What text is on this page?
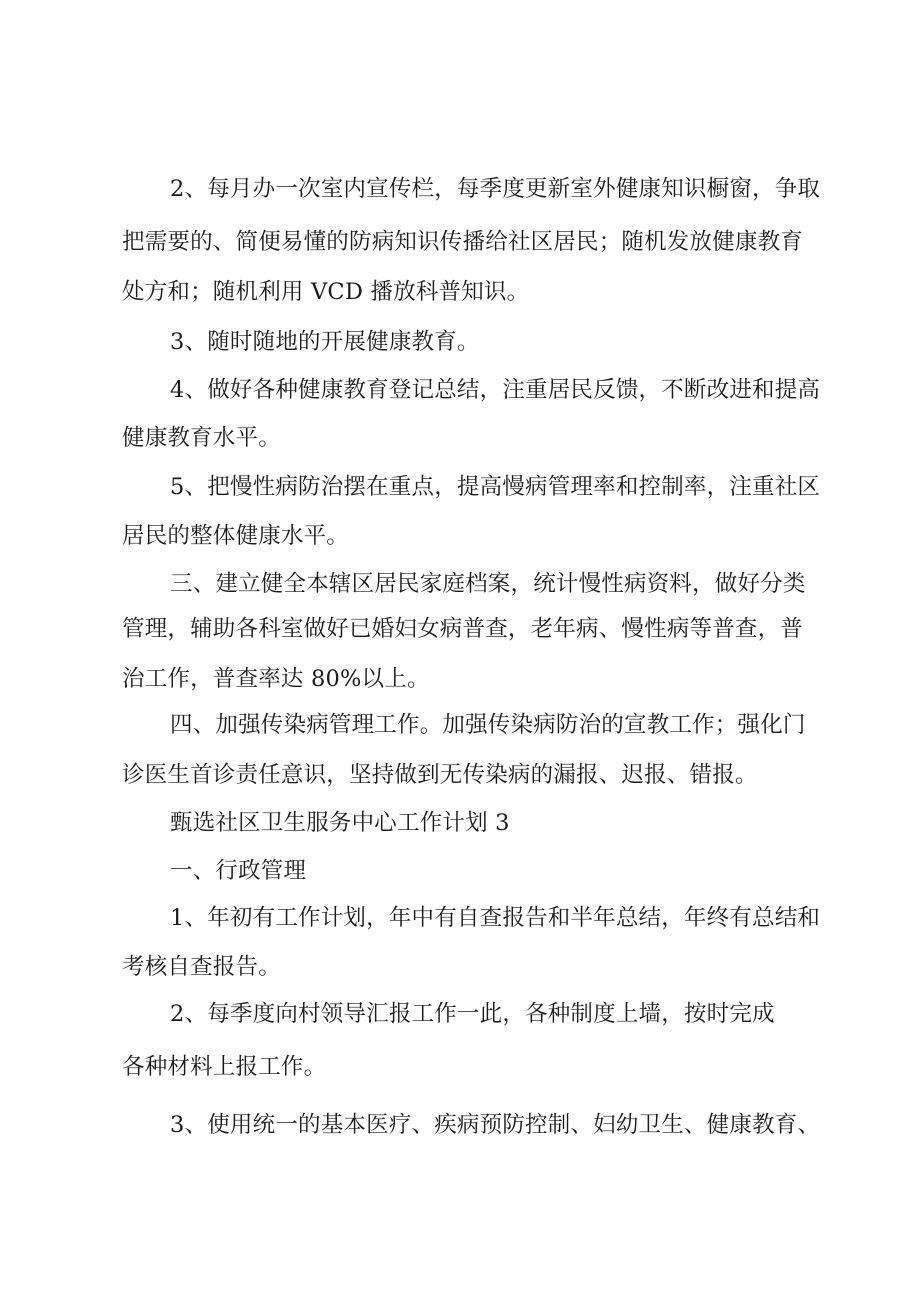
2、每月办一次室内宣传栏，每季度更新室外健康知识橱窗，争取
把需要的、简便易懂的防病知识传播给社区居民；随机发放健康教育
处方和；随机利用 VCD 播放科普知识。
3、随时随地的开展健康教育。
4、做好各种健康教育登记总结，注重居民反馈，不断改进和提高
健康教育水平。
5、把慢性病防治摆在重点，提高慢病管理率和控制率，注重社区
居民的整体健康水平。
三、建立健全本辖区居民家庭档案，统计慢性病资料，做好分类
管理，辅助各科室做好已婚妇女病普查，老年病、慢性病等普查，普
治工作，普查率达 80%以上。
四、加强传染病管理工作。加强传染病防治的宣教工作；强化门
诊医生首诊责任意识，坚持做到无传染病的漏报、迟报、错报。
甄选社区卫生服务中心工作计划 3
一、行政管理
1、年初有工作计划，年中有自查报告和半年总结，年终有总结和
考核自查报告。
2、每季度向村领导汇报工作一此，各种制度上墙，按时完成
各种材料上报工作。
3、使用统一的基本医疗、疾病预防控制、妇幼卫生、健康教育、
